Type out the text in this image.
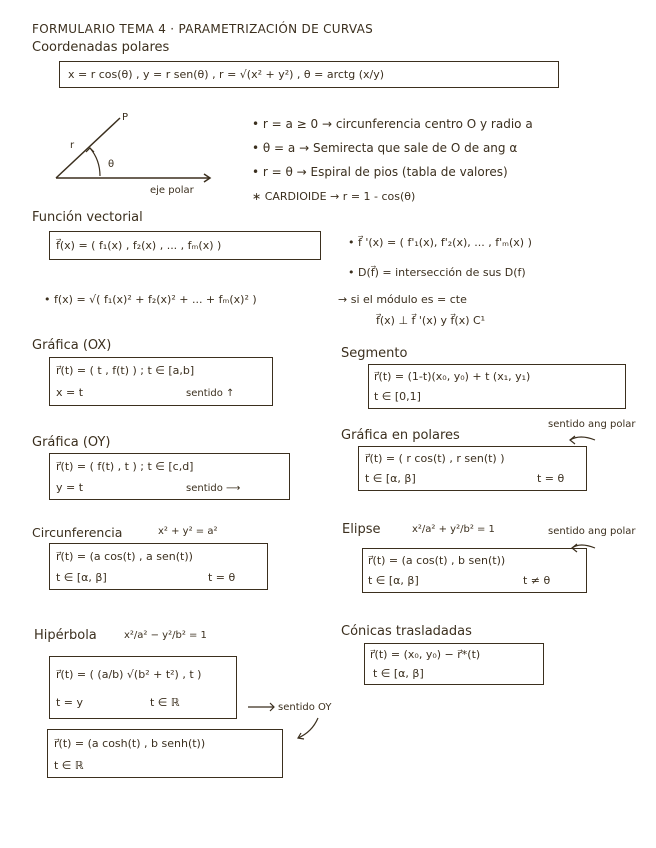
FORMULARIO TEMA 4 · PARAMETRIZACIÓN DE CURVAS
Coordenadas polares
x = r cos(θ) , y = r sen(θ) , r = √(x² + y²) , θ = arctg (x/y)
P
r
θ
eje polar
• r = a ≥ 0 → circunferencia centro O y radio a
• θ = a → Semirecta que sale de O de ang α
• r = θ → Espiral de pios (tabla de valores)
∗ CARDIOIDE → r = 1 - cos(θ)
Función vectorial
f⃗(x) = ( f₁(x) , f₂(x) , ... , fₘ(x) )	• f⃗ '(x) = ( f'₁(x), f'₂(x), ... , f'ₘ(x) )
• D(f⃗) = intersección de sus D(f)
• f(x) = √( f₁(x)² + f₂(x)² + ... + fₘ(x)² )	→ si el módulo es = cte
f⃗(x) ⊥ f⃗ '(x) y f⃗(x) C¹
Gráfica (OX)
r⃗(t) = ( t , f(t) ) ; t ∈ [a,b]
x = t	sentido ↑
Segmento
r⃗(t) = (1-t)(x₀, y₀) + t (x₁, y₁)
t ∈ [0,1]
Gráfica (OY)
r⃗(t) = ( f(t) , t ) ; t ∈ [c,d]
y = t	sentido ⟶
Gráfica en polares
sentido ang polar
r⃗(t) = ( r cos(t) , r sen(t) )
t ∈ [α, β]	t = θ
Circunferencia	x² + y² = a²
r⃗(t) = (a cos(t) , a sen(t))
t ∈ [α, β]	t = θ
Elipse	x²/a² + y²/b² = 1	sentido ang polar
r⃗(t) = (a cos(t) , b sen(t))
t ∈ [α, β]	t ≠ θ
Hipérbola	x²/a² − y²/b² = 1
r⃗(t) = ( (a/b) √(b² + t²) , t )
t = y	t ∈ ℝ	sentido OY
r⃗(t) = (a cosh(t) , b senh(t))
t ∈ ℝ
Cónicas trasladadas
r⃗(t) = (x₀, y₀) − r⃗*(t)
t ∈ [α, β]
